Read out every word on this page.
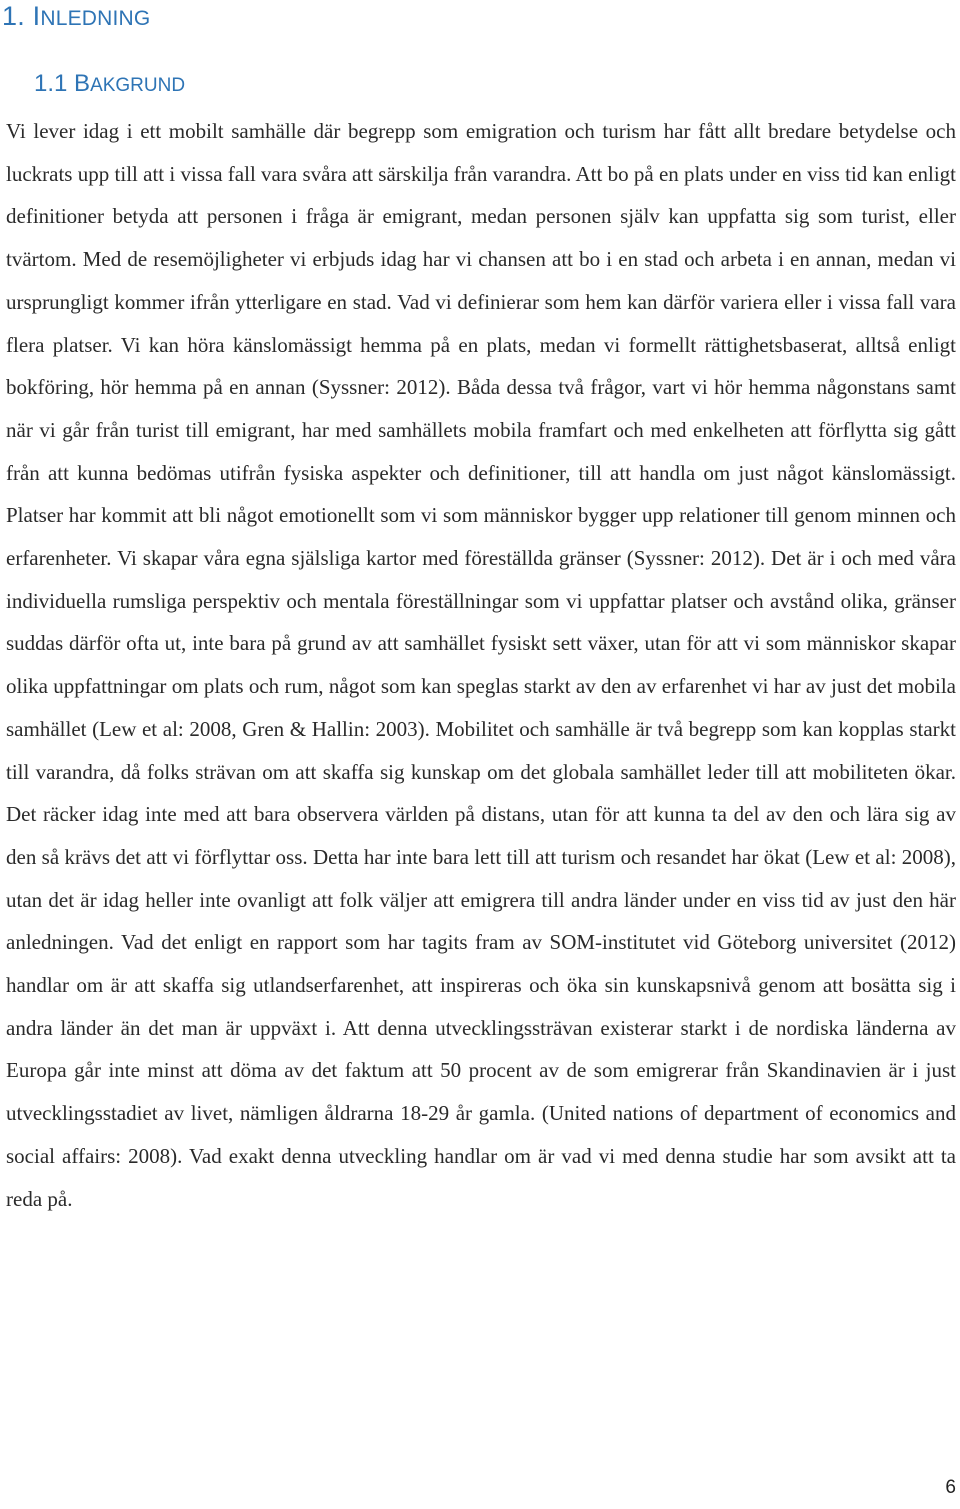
1. INLEDNING
1.1 BAKGRUND

Vi lever idag i ett mobilt samhälle där begrepp som emigration och turism har fått allt bredare betydelse och luckrats upp till att i vissa fall vara svåra att särskilja från varandra. Att bo på en plats under en viss tid kan enligt definitioner betyda att personen i fråga är emigrant, medan personen själv kan uppfatta sig som turist, eller tvärtom. Med de resemöjligheter vi erbjuds idag har vi chansen att bo i en stad och arbeta i en annan, medan vi ursprungligt kommer ifrån ytterligare en stad. Vad vi definierar som hem kan därför variera eller i vissa fall vara flera platser. Vi kan höra känslomässigt hemma på en plats, medan vi formellt rättighetsbaserat, alltså enligt bokföring, hör hemma på en annan (Syssner: 2012). Båda dessa två frågor, vart vi hör hemma någonstans samt när vi går från turist till emigrant, har med samhällets mobila framfart och med enkelheten att förflytta sig gått från att kunna bedömas utifrån fysiska aspekter och definitioner, till att handla om just något känslomässigt. Platser har kommit att bli något emotionellt som vi som människor bygger upp relationer till genom minnen och erfarenheter. Vi skapar våra egna själsliga kartor med föreställda gränser (Syssner: 2012). Det är i och med våra individuella rumsliga perspektiv och mentala föreställningar som vi uppfattar platser och avstånd olika, gränser suddas därför ofta ut, inte bara på grund av att samhället fysiskt sett växer, utan för att vi som människor skapar olika uppfattningar om plats och rum, något som kan speglas starkt av den av erfarenhet vi har av just det mobila samhället (Lew et al: 2008, Gren & Hallin: 2003). Mobilitet och samhälle är två begrepp som kan kopplas starkt till varandra, då folks strävan om att skaffa sig kunskap om det globala samhället leder till att mobiliteten ökar. Det räcker idag inte med att bara observera världen på distans, utan för att kunna ta del av den och lära sig av den så krävs det att vi förflyttar oss. Detta har inte bara lett till att turism och resandet har ökat (Lew et al: 2008), utan det är idag heller inte ovanligt att folk väljer att emigrera till andra länder under en viss tid av just den här anledningen. Vad det enligt en rapport som har tagits fram av SOM-institutet vid Göteborg universitet (2012) handlar om är att skaffa sig utlandserfarenhet, att inspireras och öka sin kunskapsnivå genom att bosätta sig i andra länder än det man är uppväxt i. Att denna utvecklingssträvan existerar starkt i de nordiska länderna av Europa går inte minst att döma av det faktum att 50 procent av de som emigrerar från Skandinavien är i just utvecklingsstadiet av livet, nämligen åldrarna 18-29 år gamla. (United nations of department of economics and social affairs: 2008). Vad exakt denna utveckling handlar om är vad vi med denna studie har som avsikt att ta reda på.

6
